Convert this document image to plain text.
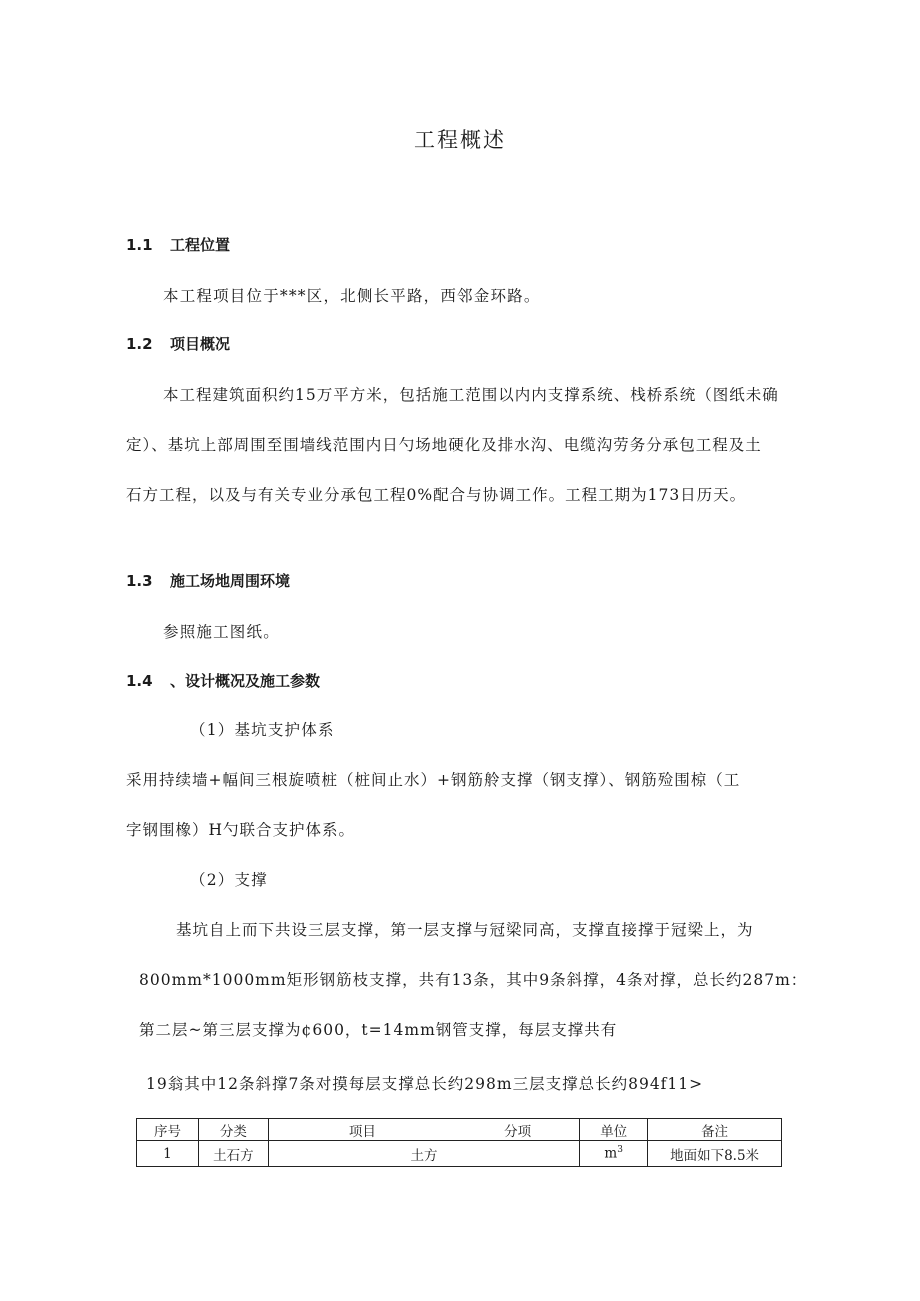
工程概述
1.1 工程位置
本工程项目位于***区，北侧长平路，西邻金环路。
1.2 项目概况
本工程建筑面积约15万平方米，包括施工范围以内内支撑系统、栈桥系统（图纸未确
定）、基坑上部周围至围墙线范围内日勺场地硬化及排水沟、电缆沟劳务分承包工程及土
石方工程，以及与有关专业分承包工程0%配合与协调工作。工程工期为173日历天。
1.3 施工场地周围环境
参照施工图纸。
1.4 、设计概况及施工参数
（1）基坑支护体系
采用持续墙+幅间三根旋喷桩（桩间止水）+钢筋舲支撑（钢支撑）、钢筋殓围椋（工
字钢围橡）H勺联合支护体系。
（2）支撑
基坑自上而下共设三层支撑，第一层支撑与冠梁同高，支撑直接撑于冠梁上，为
800mm*1000mm矩形钢筋枝支撑，共有13条，其中9条斜撑，4条对撑，总长约287m：
第二层~第三层支撑为¢600，t=14mm钢管支撑，每层支撑共有
19翁其中12条斜撑7条对摸每层支撑总长约298m三层支撑总长约894f11>
序号	分类	项目	分项	单位	备注
1	土石方	土方		$m^3$	地面如下8.5米
